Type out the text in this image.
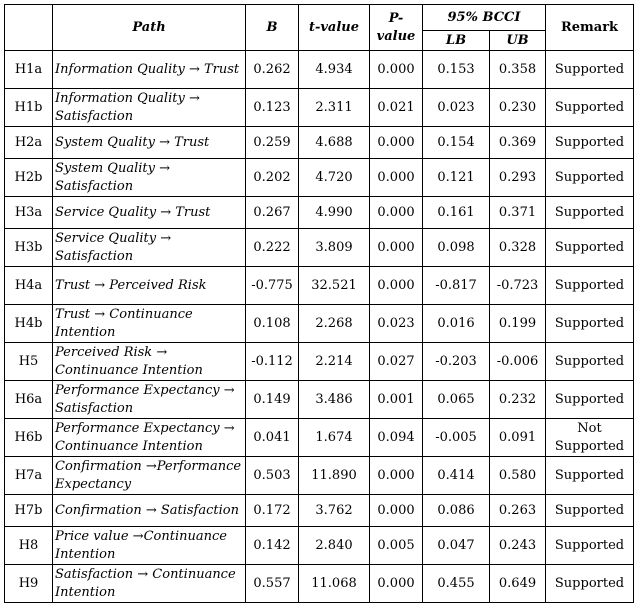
	Path	B	t-value	P-value	95% BCCI		Remark
					LB	UB	
H1a	Information Quality → Trust	0.262	4.934	0.000	0.153	0.358	Supported
H1b	Information Quality → Satisfaction	0.123	2.311	0.021	0.023	0.230	Supported
H2a	System Quality → Trust	0.259	4.688	0.000	0.154	0.369	Supported
H2b	System Quality → Satisfaction	0.202	4.720	0.000	0.121	0.293	Supported
H3a	Service Quality → Trust	0.267	4.990	0.000	0.161	0.371	Supported
H3b	Service Quality → Satisfaction	0.222	3.809	0.000	0.098	0.328	Supported
H4a	Trust → Perceived Risk	-0.775	32.521	0.000	-0.817	-0.723	Supported
H4b	Trust → Continuance Intention	0.108	2.268	0.023	0.016	0.199	Supported
H5	Perceived Risk → Continuance Intention	-0.112	2.214	0.027	-0.203	-0.006	Supported
H6a	Performance Expectancy → Satisfaction	0.149	3.486	0.001	0.065	0.232	Supported
H6b	Performance Expectancy → Continuance Intention	0.041	1.674	0.094	-0.005	0.091	Not Supported
H7a	Confirmation →Performance Expectancy	0.503	11.890	0.000	0.414	0.580	Supported
H7b	Confirmation → Satisfaction	0.172	3.762	0.000	0.086	0.263	Supported
H8	Price value →Continuance Intention	0.142	2.840	0.005	0.047	0.243	Supported
H9	Satisfaction → Continuance Intention	0.557	11.068	0.000	0.455	0.649	Supported
